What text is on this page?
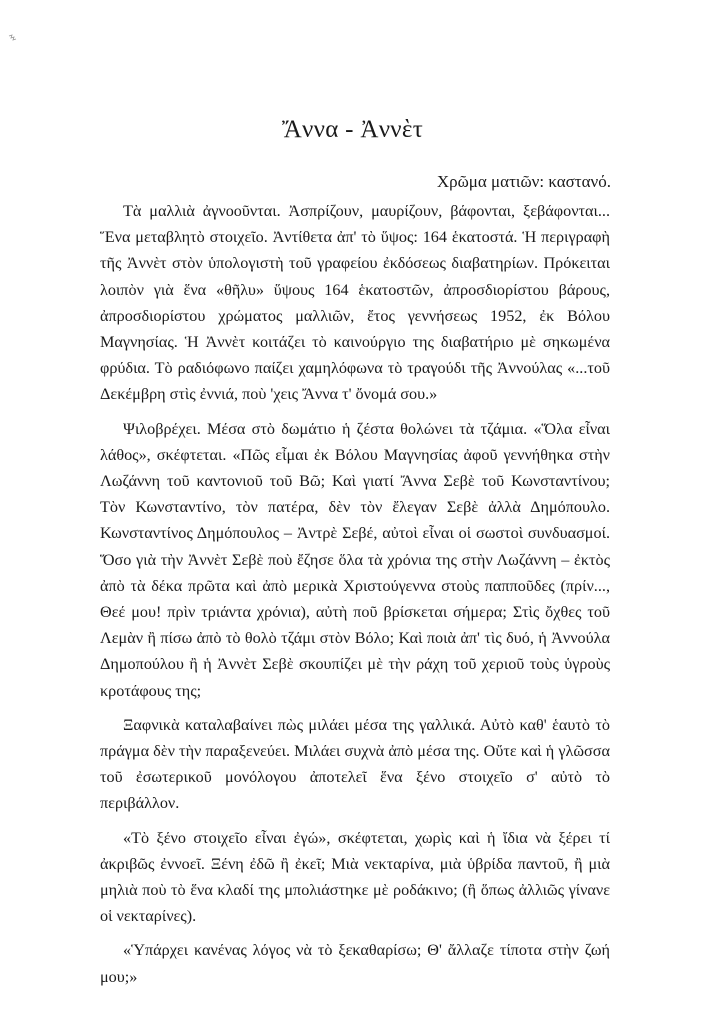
Ἄννα - Ἀννὲτ
Χρῶμα ματιῶν: καστανό.

Τὰ μαλλιὰ ἀγνοοῦνται. Ἀσπρίζουν, μαυρίζουν, βάφονται, ξεβάφονται... Ἕνα μεταβλητὸ στοιχεῖο. Ἀντίθετα ἀπ' τὸ ὕψος: 164 ἑκατοστά. Ἡ περιγραφὴ τῆς Ἀννὲτ στὸν ὑπολογιστὴ τοῦ γραφείου ἐκδόσεως διαβατηρίων. Πρόκειται λοιπὸν γιὰ ἕνα «θῆλυ» ὕψους 164 ἑκατοστῶν, ἀπροσδιορίστου βάρους, ἀπροσδιορίστου χρώματος μαλλιῶν, ἔτος γεννήσεως 1952, ἐκ Βόλου Μαγνησίας. Ἡ Ἀννὲτ κοιτάζει τὸ καινούργιο της διαβατήριο μὲ σηκωμένα φρύδια. Τὸ ραδιόφωνο παίζει χαμηλόφωνα τὸ τραγούδι τῆς Ἀννούλας «...τοῦ Δεκέμβρη στὶς ἐννιά, ποὺ 'χεις Ἄννα τ' ὄνομά σου.»

Ψιλοβρέχει. Μέσα στὸ δωμάτιο ἡ ζέστα θολώνει τὰ τζάμια. «Ὅλα εἶναι λάθος», σκέφτεται. «Πῶς εἶμαι ἐκ Βόλου Μαγνησίας ἀφοῦ γεννήθηκα στὴν Λωζάννη τοῦ καντονιοῦ τοῦ Βῶ; Καὶ γιατί Ἄννα Σεβὲ τοῦ Κωνσταντίνου; Τὸν Κωνσταντίνο, τὸν πατέρα, δὲν τὸν ἔλεγαν Σεβὲ ἀλλὰ Δημόπουλο. Κωνσταντίνος Δημόπουλος – Ἀντρὲ Σεβέ, αὐτοὶ εἶναι οἱ σωστοὶ συνδυασμοί. Ὅσο γιὰ τὴν Ἀννὲτ Σεβὲ ποὺ ἔζησε ὅλα τὰ χρόνια της στὴν Λωζάννη – ἐκτὸς ἀπὸ τὰ δέκα πρῶτα καὶ ἀπὸ μερικὰ Χριστούγεννα στοὺς παπποῦδες (πρίν..., Θεέ μου! πρὶν τριάντα χρόνια), αὐτὴ ποῦ βρίσκεται σήμερα; Στὶς ὄχθες τοῦ Λεμὰν ἢ πίσω ἀπὸ τὸ θολὸ τζάμι στὸν Βόλο; Καὶ ποιὰ ἀπ' τὶς δυό, ἡ Ἀννούλα Δημοπούλου ἢ ἡ Ἀννὲτ Σεβὲ σκουπίζει μὲ τὴν ράχη τοῦ χεριοῦ τοὺς ὑγροὺς κροτάφους της;

Ξαφνικὰ καταλαβαίνει πὼς μιλάει μέσα της γαλλικά. Αὐτὸ καθ' ἑαυτὸ τὸ πράγμα δὲν τὴν παραξενεύει. Μιλάει συχνὰ ἀπὸ μέσα της. Οὔτε καὶ ἡ γλῶσσα τοῦ ἐσωτερικοῦ μονόλογου ἀποτελεῖ ἕνα ξένο στοιχεῖο σ' αὐτὸ τὸ περιβάλλον.

«Τὸ ξένο στοιχεῖο εἶναι ἐγώ», σκέφτεται, χωρὶς καὶ ἡ ἴδια νὰ ξέρει τί ἀκριβῶς ἐννοεῖ. Ξένη ἐδῶ ἢ ἐκεῖ; Μιὰ νεκταρίνα, μιὰ ὑβρίδα παντοῦ, ἢ μιὰ μηλιὰ ποὺ τὸ ἕνα κλαδί της μπολιάστηκε μὲ ροδάκινο; (ἢ ὅπως ἀλλιῶς γίνανε οἱ νεκταρίνες).

«Ὑπάρχει κανένας λόγος νὰ τὸ ξεκαθαρίσω; Θ' ἄλλαζε τίποτα στὴν ζωή μου;»
